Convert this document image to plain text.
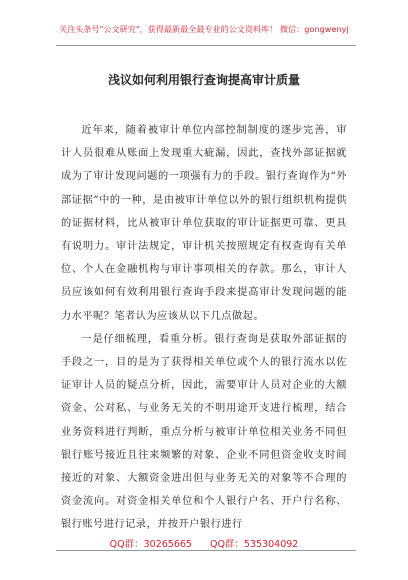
关注头条号"公文研究"，获得最新最全最专业的公文资料库！ 微信：gongwenyj
浅议如何利用银行查询提高审计质量

近年来，随着被审计单位内部控制制度的逐步完善，审计人员很难从账面上发现重大疵漏，因此，查找外部证据就成为了审计发现问题的一项强有力的手段。银行查询作为“外部证据”中的一种，是由被审计单位以外的银行组织机构提供的证据材料，比从被审计单位获取的审计证据更可靠、更具有说明力。审计法规定，审计机关按照规定有权查询有关单位、个人在金融机构与审计事项相关的存款。那么，审计人员应该如何有效利用银行查询手段来提高审计发现问题的能力水平呢？笔者认为应该从以下几点做起。

一是仔细梳理，看重分析。银行查询是获取外部证据的手段之一，目的是为了获得相关单位或个人的银行流水以佐证审计人员的疑点分析，因此，需要审计人员对企业的大额资金、公对私、与业务无关的不明用途开支进行梳理，结合业务资料进行判断，重点分析与被审计单位相关业务不同但银行账号接近且往来频繁的对象、企业不同但资金收支时间接近的对象、大额资金进出但与业务无关的对象等不合理的资金流向。对资金相关单位和个人银行户名、开户行名称、银行账号进行记录，并按开户银行进行

QQ群：30265665 QQ群：535304092
